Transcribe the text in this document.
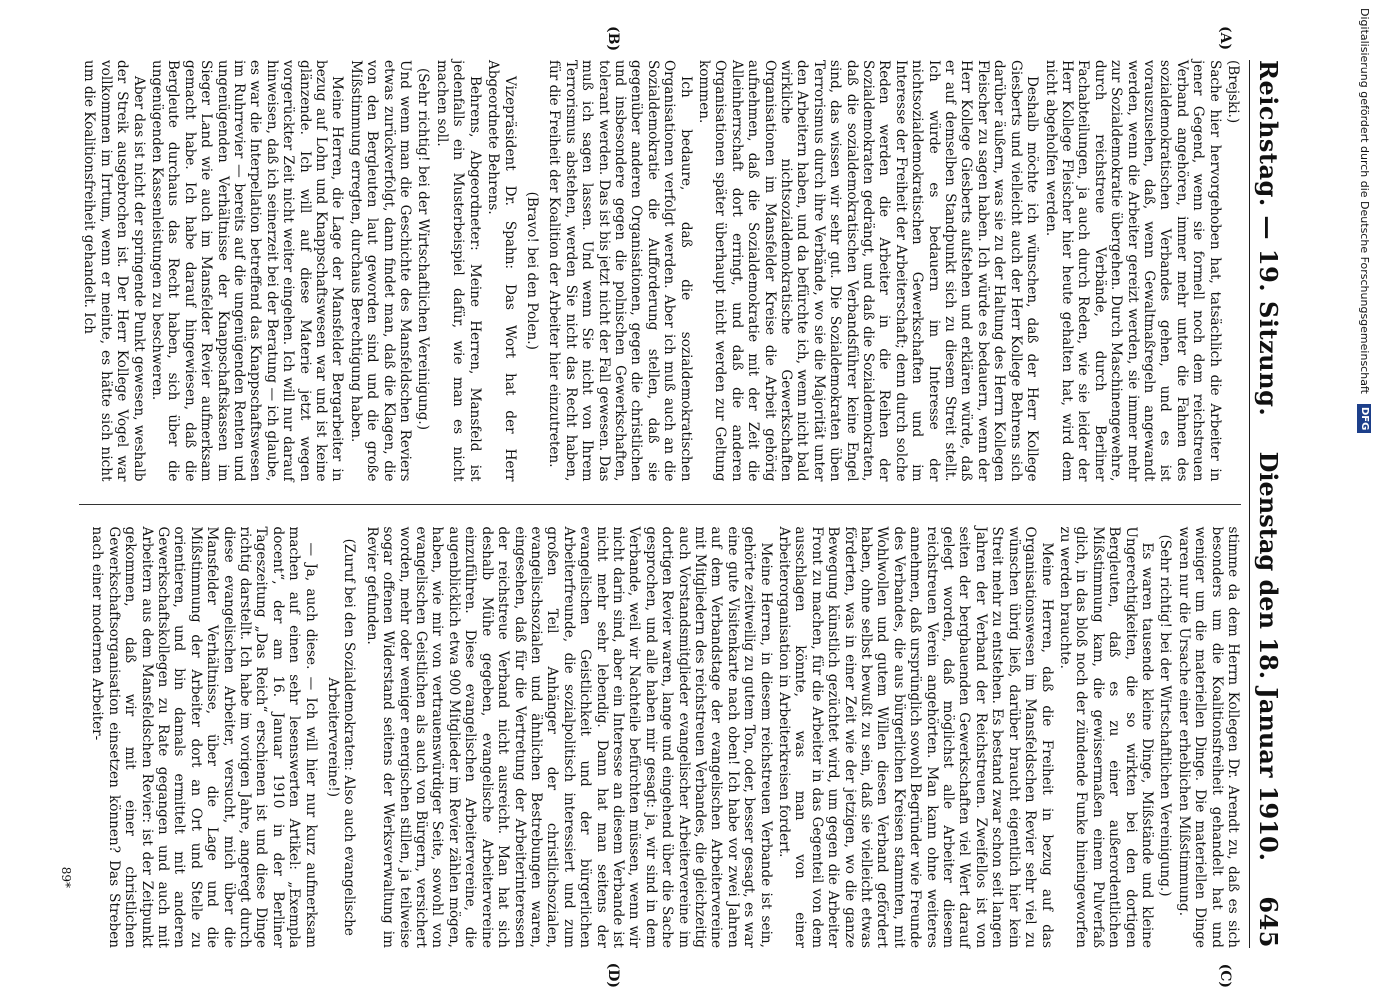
Reichstag. — 19. Sitzung.
Dienstag den 18. Januar 1910.
645
(A)
(B)

(Brejski.)

Sache hier hervorgehoben hat, tatsächlich die Arbeiter in jener Gegend, wenn sie formell noch dem reichstreuen Verband angehören, immer mehr unter die Fahnen des sozialdemokratischen Verbandes gehen, und es ist vorauszusehen, daß, wenn Gewaltmaßregeln angewandt werden, wenn die Arbeiter gereizt werden, sie immer mehr zur Sozialdemokratie übergehen. Durch Maschinengewehre, durch reichstreue Verbände, durch Berliner Fachabteilungen, ja auch durch Reden, wie sie leider der Herr Kollege Fleischer hier heute gehalten hat, wird dem nicht abgeholfen werden.

Deshalb möchte ich wünschen, daß der Herr Kollege Giesberts und vielleicht auch der Herr Kollege Behrens sich darüber äußern, was sie zu der Haltung des Herrn Kollegen Fleischer zu sagen haben. Ich würde es bedauern, wenn der Herr Kollege Giesberts aufstehen und erklären würde, daß er auf demselben Standpunkt sich zu diesem Streit stellt. Ich würde es bedauern im Interesse der nichtsozialdemokratischen Gewerkschaften und im Interesse der Freiheit der Arbeiterschaft; denn durch solche Reden werden die Arbeiter in die Reihen der Sozialdemokraten gedrängt, und daß die Sozialdemokraten, daß die sozialdemokratischen Verbandsführer keine Engel sind, das wissen wir sehr gut. Die Sozialdemokraten üben Terrorismus durch ihre Verbände, wo sie die Majorität unter den Arbeitern haben, und da befürchte ich, wenn nicht bald wirkliche nichtsozialdemokratische Gewerkschaften Organisationen im Mansfelder Kreise die Arbeit gehörig aufnehmen, daß die Sozialdemokratie mit der Zeit die Alleinherrschaft dort erringt, und daß die anderen Organisationen später überhaupt nicht werden zur Geltung kommen.

Ich bedaure, daß die sozialdemokratischen Organisationen verfolgt werden. Aber ich muß auch an die Sozialdemokratie die Aufforderung stellen, daß sie gegenüber anderen Organisationen, gegen die christlichen und insbesondere gegen die polnischen Gewerkschaften, tolerant werden. Das ist bis jetzt nicht der Fall gewesen. Das muß ich sagen lassen. Und wenn Sie nicht von Ihrem Terrorismus abstehen, werden Sie nicht das Recht haben, für die Freiheit der Koalition der Arbeiter hier einzutreten.

(Bravo! bei den Polen.)

Vizepräsident Dr. Spahn: Das Wort hat der Herr Abgeordnete Behrens.

Behrens, Abgeordneter: Meine Herren, Mansfeld ist jedenfalls ein Musterbeispiel dafür, wie man es nicht machen soll.

(Sehr richtig! bei der Wirtschaftlichen Vereinigung.)

Und wenn man die Geschichte des Mansfeldschen Reviers etwas zurückverfolgt, dann findet man, daß die Klagen, die von den Bergleuten laut geworden sind und die große Mißstimmung erregten, durchaus Berechtigung haben.

Meine Herren, die Lage der Mansfelder Bergarbeiter in bezug auf Lohn und Knappschaftswesen war und ist keine glänzende. Ich will auf diese Materie jetzt wegen vorgerückter Zeit nicht weiter eingehen. Ich will nur darauf hinweisen, daß ich seinerzeit bei der Beratung — ich glaube, es war die Interpellation betreffend das Knappschaftswesen im Ruhrrevier — bereits auf die ungenügenden Renten und ungenügenden Verhältnisse der Knappschaftskassen im Sieger Land wie auch im Mansfelder Revier aufmerksam gemacht habe. Ich habe darauf hingewiesen, daß die Bergleute durchaus das Recht haben, sich über die ungenügenden Kassenleistungen zu beschweren.

Aber das ist nicht der springende Punkt gewesen, weshalb der Streik ausgebrochen ist. Der Herr Kollege Vogel war vollkommen im Irrtum, wenn er meinte, es hätte sich nicht um die Koalitionsfreiheit gehandelt. Ich

(C)
(D)

stimme da dem Herrn Kollegen Dr. Arendt zu, daß es sich besonders um die Koalitionsfreiheit gehandelt hat und weniger um die materiellen Dinge. Die materiellen Dinge waren nur die Ursache einer erheblichen Mißstimmung.

(Sehr richtig! bei der Wirtschaftlichen Vereinigung.)

Es waren tausende kleine Dinge, Mißstände und kleine Ungerechtigkeiten, die so wirkten bei den dortigen Bergleuten, daß es zu einer außerordentlichen Mißstimmung kam, die gewissermaßen einem Pulverfaß glich, in das bloß noch der zündende Funke hineingeworfen zu werden brauchte.

Meine Herren, daß die Freiheit in bezug auf das Organisationswesen im Mansfeldschen Revier sehr viel zu wünschen übrig ließ, darüber braucht eigentlich hier kein Streit mehr zu entstehen. Es bestand zwar schon seit langen Jahren der Verband der Reichstreuen. Zweifellos ist von seiten der bergbauenden Gewerkschaften viel Wert darauf gelegt worden, daß möglichst alle Arbeiter diesem reichstreuen Verein angehörten. Man kann ohne weiteres annehmen, daß ursprünglich sowohl Begründer wie Freunde des Verbandes, die aus bürgerlichen Kreisen stammten, mit Wohlwollen und gutem Willen diesen Verband gefördert haben, ohne selbst bewußt zu sein, daß sie vielleicht etwas förderten, was in einer Zeit wie der jetzigen, wo die ganze Bewegung künstlich gezüchtet wird, um gegen die Arbeiter Front zu machen, für die Arbeiter in das Gegenteil von dem ausschlagen könnte, was man von einer Arbeiterorganisation in Arbeiterkreisen fordert.

Meine Herren, in diesem reichstreuen Verbande ist sein, gehörte zeitweilig zu gutem Ton, oder, besser gesagt, es war eine gute Visitenkarte nach oben! Ich habe vor zwei Jahren auf dem Verbandstage der evangelischen Arbeitervereine mit Mitgliedern des reichstreuen Verbandes, die gleichzeitig auch Vorstandsmitglieder evangelischer Arbeitervereine im dortigen Revier waren, lange und eingehend über die Sache gesprochen, und alle haben mir gesagt: ja, wir sind in dem Verbande, weil wir Nachteile befürchten müssen, wenn wir nicht darin sind, aber ein Interesse an diesem Verbande ist nicht mehr sehr lebendig. Dann hat man seitens der evangelischen Geistlichkeit und der bürgerlichen Arbeiterfreunde, die sozialpolitisch interessiert und zum großen Teil Anhänger der christlichsozialen, evangelischsozialen und ähnlichen Bestrebungen waren, eingesehen, daß für die Vertretung der Arbeiterinteressen der reichstreue Verband nicht ausreicht. Man hat sich deshalb Mühe gegeben, evangelische Arbeitervereine einzuführen. Diese evangelischen Arbeitervereine, die augenblicklich etwa 900 Mitglieder im Revier zählen mögen, haben, wie mir von vertrauenswürdiger Seite, sowohl von evangelischen Geistlichen als auch von Bürgern, versichert worden, mehr oder weniger energischen stillen, ja teilweise sogar offenen Widerstand seitens der Werksverwaltung im Revier gefunden.

(Zuruf bei den Sozialdemokraten: Also auch evangelische Arbeitervereine!)

— Ja, auch diese. — Ich will hier nur kurz aufmerksam machen auf einen sehr lesenswerten Artikel: „Exempla docent“, der am 16. Januar 1910 in der Berliner Tageszeitung „Das Reich“ erschienen ist und diese Dinge richtig darstellt. Ich habe im vorigen Jahre, angeregt durch diese evangelischen Arbeiter, versucht, mich über die Mansfelder Verhältnisse, über die Lage und die Mißstimmung der Arbeiter dort an Ort und Stelle zu orientieren, und bin damals ermittelt mit anderen Gewerkschaftskollegen zu Rate gegangen und auch mit Arbeitern aus dem Mansfeldschen Revier: ist der Zeitpunkt gekommen, daß wir mit einer christlichen Gewerkschaftsorganisation einsetzen können? Das Streben nach einer modernen Arbeiter-

89*
Digitalisierung gefördert durch die Deutsche Forschungsgemeinschaft
DFG
